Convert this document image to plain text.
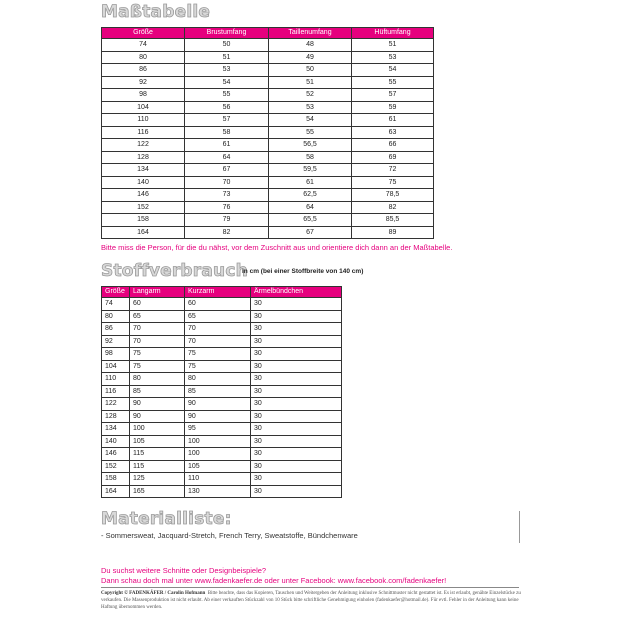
Maßtabelle
Größe	Brustumfang	Taillenumfang	Hüftumfang
74	50	48	51
80	51	49	53
86	53	50	54
92	54	51	55
98	55	52	57
104	56	53	59
110	57	54	61
116	58	55	63
122	61	56,5	66
128	64	58	69
134	67	59,5	72
140	70	61	75
146	73	62,5	78,5
152	76	64	82
158	79	65,5	85,5
164	82	67	89

Bitte miss die Person, für die du nähst, vor dem Zuschnitt aus und orientiere dich dann an der Maßtabelle.

Stoffverbrauch
in cm (bei einer Stoffbreite von 140 cm)
Größe	Langarm	Kurzarm	Ärmelbündchen
74	60	60	30
80	65	65	30
86	70	70	30
92	70	70	30
98	75	75	30
104	75	75	30
110	80	80	30
116	85	85	30
122	90	90	30
128	90	90	30
134	100	95	30
140	105	100	30
146	115	100	30
152	115	105	30
158	125	110	30
164	165	130	30
Materialliste:

- Sommersweat, Jacquard-Stretch, French Terry, Sweatstoffe, Bündchenware

Du suchst weitere Schnitte oder Designbeispiele?

Dann schau doch mal unter www.fadenkaefer.de oder unter Facebook: www.facebook.com/fadenkaefer!

Copyright © FADENKÄFER / Carolin Hofmann Bitte beachte, dass das Kopieren, Tauschen und Weitergeben der Anleitung inklusive Schnittmuster nicht gestattet ist. Es ist erlaubt, genähte Einzelstücke zu verkaufen. Die Massenproduktion ist nicht erlaubt. Ab einer verkauften Stückzahl von 10 Stück bitte schriftliche Genehmigung einholen (fadenkaefer@hotmail.de). Für evtl. Fehler in der Anleitung kann keine Haftung übernommen werden.
